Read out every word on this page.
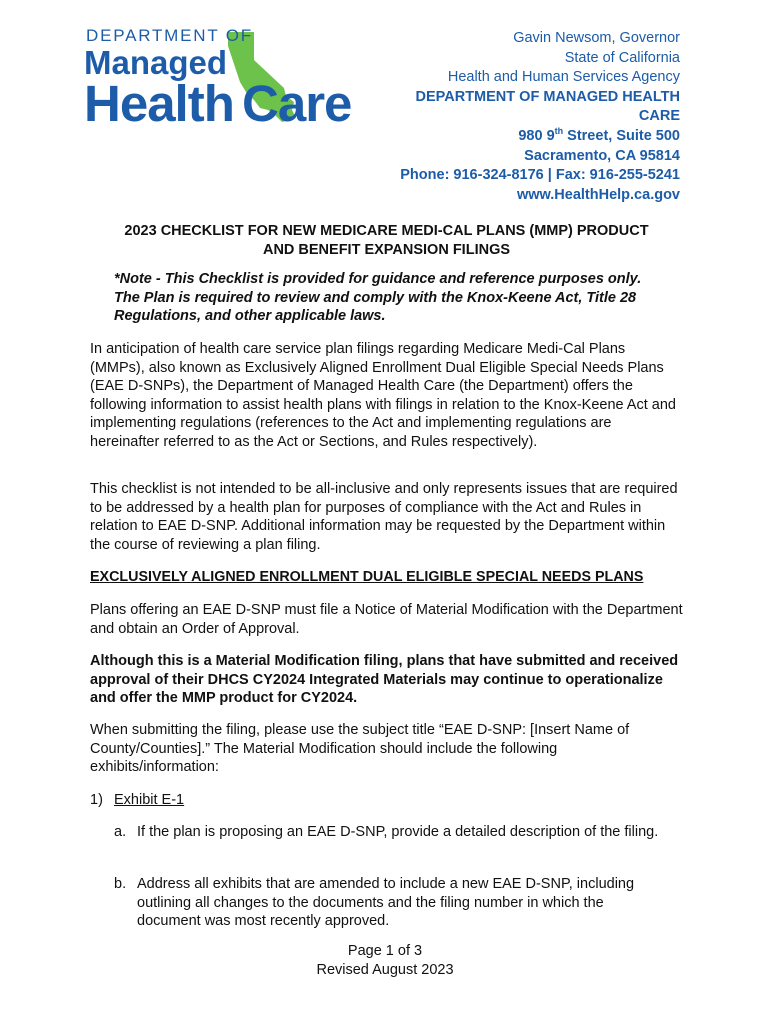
DEPARTMENT OF
Managed
Health Care
Gavin Newsom, Governor
State of California
Health and Human Services Agency
DEPARTMENT OF MANAGED HEALTH CARE
980 9th Street, Suite 500
Sacramento, CA 95814
Phone: 916-324-8176 | Fax: 916-255-5241
www.HealthHelp.ca.gov
2023 CHECKLIST FOR NEW MEDICARE MEDI-CAL PLANS (MMP) PRODUCT
AND BENEFIT EXPANSION FILINGS
*Note - This Checklist is provided for guidance and reference purposes only. The Plan is required to review and comply with the Knox-Keene Act, Title 28 Regulations, and other applicable laws.
In anticipation of health care service plan filings regarding Medicare Medi-Cal Plans (MMPs), also known as Exclusively Aligned Enrollment Dual Eligible Special Needs Plans (EAE D-SNPs), the Department of Managed Health Care (the Department) offers the following information to assist health plans with filings in relation to the Knox-Keene Act and implementing regulations (references to the Act and implementing regulations are hereinafter referred to as the Act or Sections, and Rules respectively).
This checklist is not intended to be all-inclusive and only represents issues that are required to be addressed by a health plan for purposes of compliance with the Act and Rules in relation to EAE D-SNP. Additional information may be requested by the Department within the course of reviewing a plan filing.
EXCLUSIVELY ALIGNED ENROLLMENT DUAL ELIGIBLE SPECIAL NEEDS PLANS
Plans offering an EAE D-SNP must file a Notice of Material Modification with the Department and obtain an Order of Approval.
Although this is a Material Modification filing, plans that have submitted and received approval of their DHCS CY2024 Integrated Materials may continue to operationalize and offer the MMP product for CY2024.
When submitting the filing, please use the subject title “EAE D-SNP: [Insert Name of County/Counties].” The Material Modification should include the following exhibits/information:
1) Exhibit E-1
a. If the plan is proposing an EAE D-SNP, provide a detailed description of the filing.
b. Address all exhibits that are amended to include a new EAE D-SNP, including outlining all changes to the documents and the filing number in which the document was most recently approved.
Page 1 of 3
Revised August 2023
